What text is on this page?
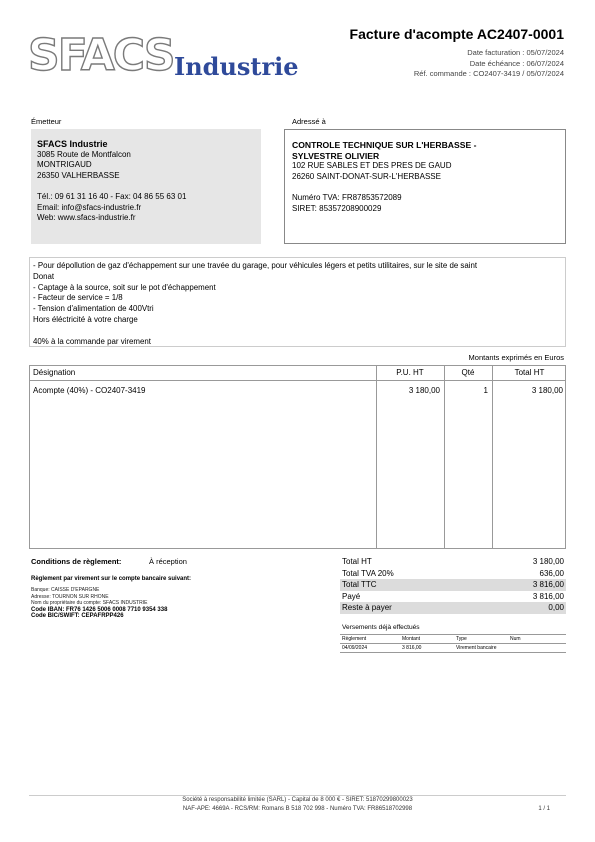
SFACS Industrie
Facture d'acompte AC2407-0001
Date facturation : 05/07/2024
Date échéance : 06/07/2024
Réf. commande : CO2407-3419 / 05/07/2024
Émetteur
SFACS Industrie
3085 Route de Montfalcon
MONTRIGAUD
26350 VALHERBASSE
Tél.: 09 61 31 16 40 - Fax: 04 86 55 63 01
Email: info@sfacs-industrie.fr
Web: www.sfacs-industrie.fr
Adressé à
CONTROLE TECHNIQUE SUR L'HERBASSE -
SYLVESTRE OLIVIER
102 RUE SABLES ET DES PRES DE GAUD
26260 SAINT-DONAT-SUR-L'HERBASSE
Numéro TVA: FR87853572089
SIRET: 85357208900029
- Pour dépollution de gaz d'échappement sur une travée du garage, pour véhicules légers et petits utilitaires, sur le site de saint
Donat
- Captage à la source, soit sur le pot d'échappement
- Facteur de service = 1/8
- Tension d'alimentation de 400Vtri
Hors éléctricité à votre charge
40% à la commande par virement
Montants exprimés en Euros
Désignation	P.U. HT	Qté	Total HT
Acompte (40%) - CO2407-3419	3 180,00	1	3 180,00
Conditions de règlement:	À réception
Règlement par virement sur le compte bancaire suivant:
Banque: CAISSE D'EPARGNE
Adresse: TOURNON SUR RHONE
Nom du propriétaire du compte: SFACS INDUSTRIE
Code IBAN: FR76 1426 5006 0008 7710 9354 338
Code BIC/SWIFT: CEPAFRPP426
Total HT	3 180,00
Total TVA 20%	636,00
Total TTC	3 816,00
Payé	3 816,00
Reste à payer	0,00
Versements déjà effectués
Règlement	Montant	Type	Num
04/09/2024	3 816,00	Virement bancaire
Société à responsabilité limitée (SARL) - Capital de 8 000 € - SIRET: 51870299800023
NAF-APE: 4669A - RCS/RM: Romans B 518 702 998 - Numéro TVA: FR86518702998	1 / 1
